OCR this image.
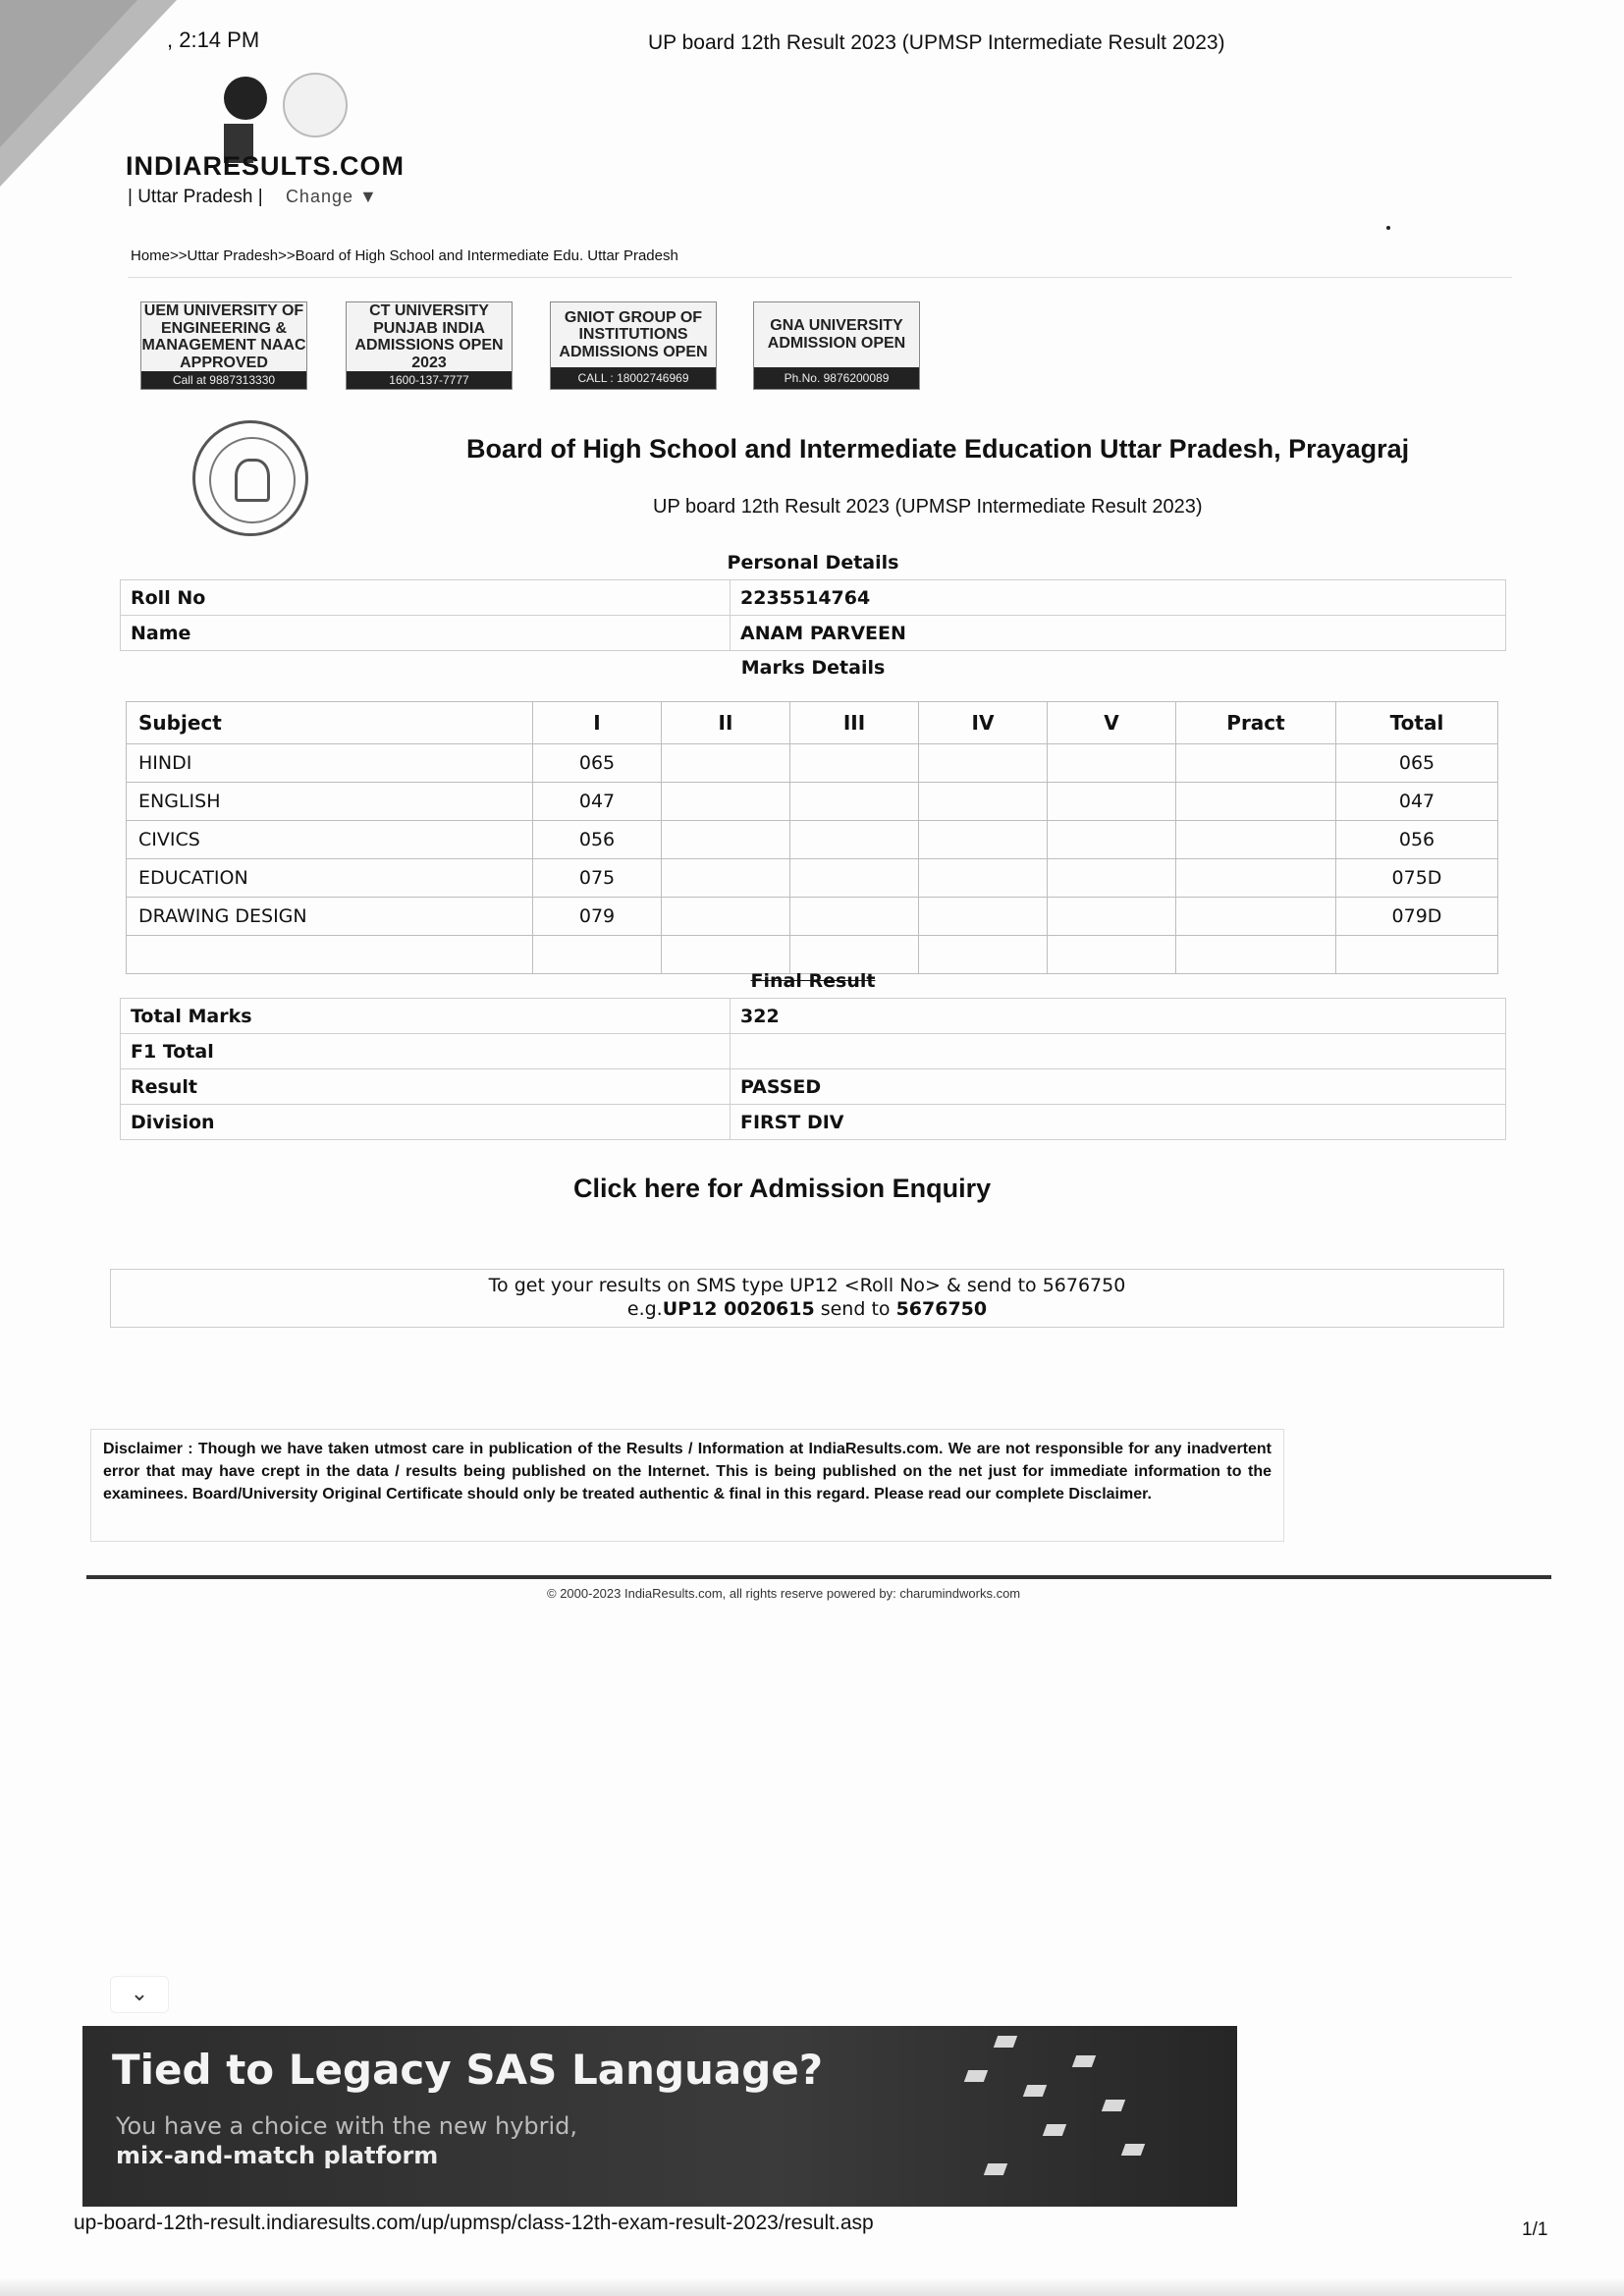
, 2:14 PM	UP board 12th Result 2023 (UPMSP Intermediate Result 2023)
INDIARESULTS.COM
| Uttar Pradesh | Change ▼
Home>>Uttar Pradesh>>Board of High School and Intermediate Edu. Uttar Pradesh
UEM UNIVERSITY OF ENGINEERING & MANAGEMENT NAAC APPROVED
Call at 9887313330
CT UNIVERSITY PUNJAB INDIA ADMISSIONS OPEN 2023
1600-137-7777
GNIOT GROUP OF INSTITUTIONS ADMISSIONS OPEN
CALL : 18002746969
GNA UNIVERSITY ADMISSION OPEN
Ph.No. 9876200089
Board of High School and Intermediate Education Uttar Pradesh, Prayagraj
UP board 12th Result 2023 (UPMSP Intermediate Result 2023)
Personal Details	
Roll No	2235514764
Name	ANAM PARVEEN
Marks Details	
Subject	I	II	III	IV	V	Pract	Total
HINDI	065						065
ENGLISH	047						047
CIVICS	056						056
EDUCATION	075						075D
DRAWING DESIGN	079						079D

Final Result	
Total Marks	322
F1 Total	
Result	PASSED
Division	FIRST DIV
Click here for Admission Enquiry
To get your results on SMS type UP12 <Roll No> & send to 5676750
e.g.UP12 0020615 send to 5676750
Disclaimer : Though we have taken utmost care in publication of the Results / Information at IndiaResults.com. We are not responsible for any inadvertent error that may have crept in the data / results being published on the Internet. This is being published on the net just for immediate information to the examinees. Board/University Original Certificate should only be treated authentic & final in this regard. Please read our complete Disclaimer.
© 2000-2023 IndiaResults.com, all rights reserve powered by: charumindworks.com
⌄
Tied to Legacy SAS Language?
You have a choice with the new hybrid,
mix-and-match platform
up-board-12th-result.indiaresults.com/up/upmsp/class-12th-exam-result-2023/result.asp	1/1
